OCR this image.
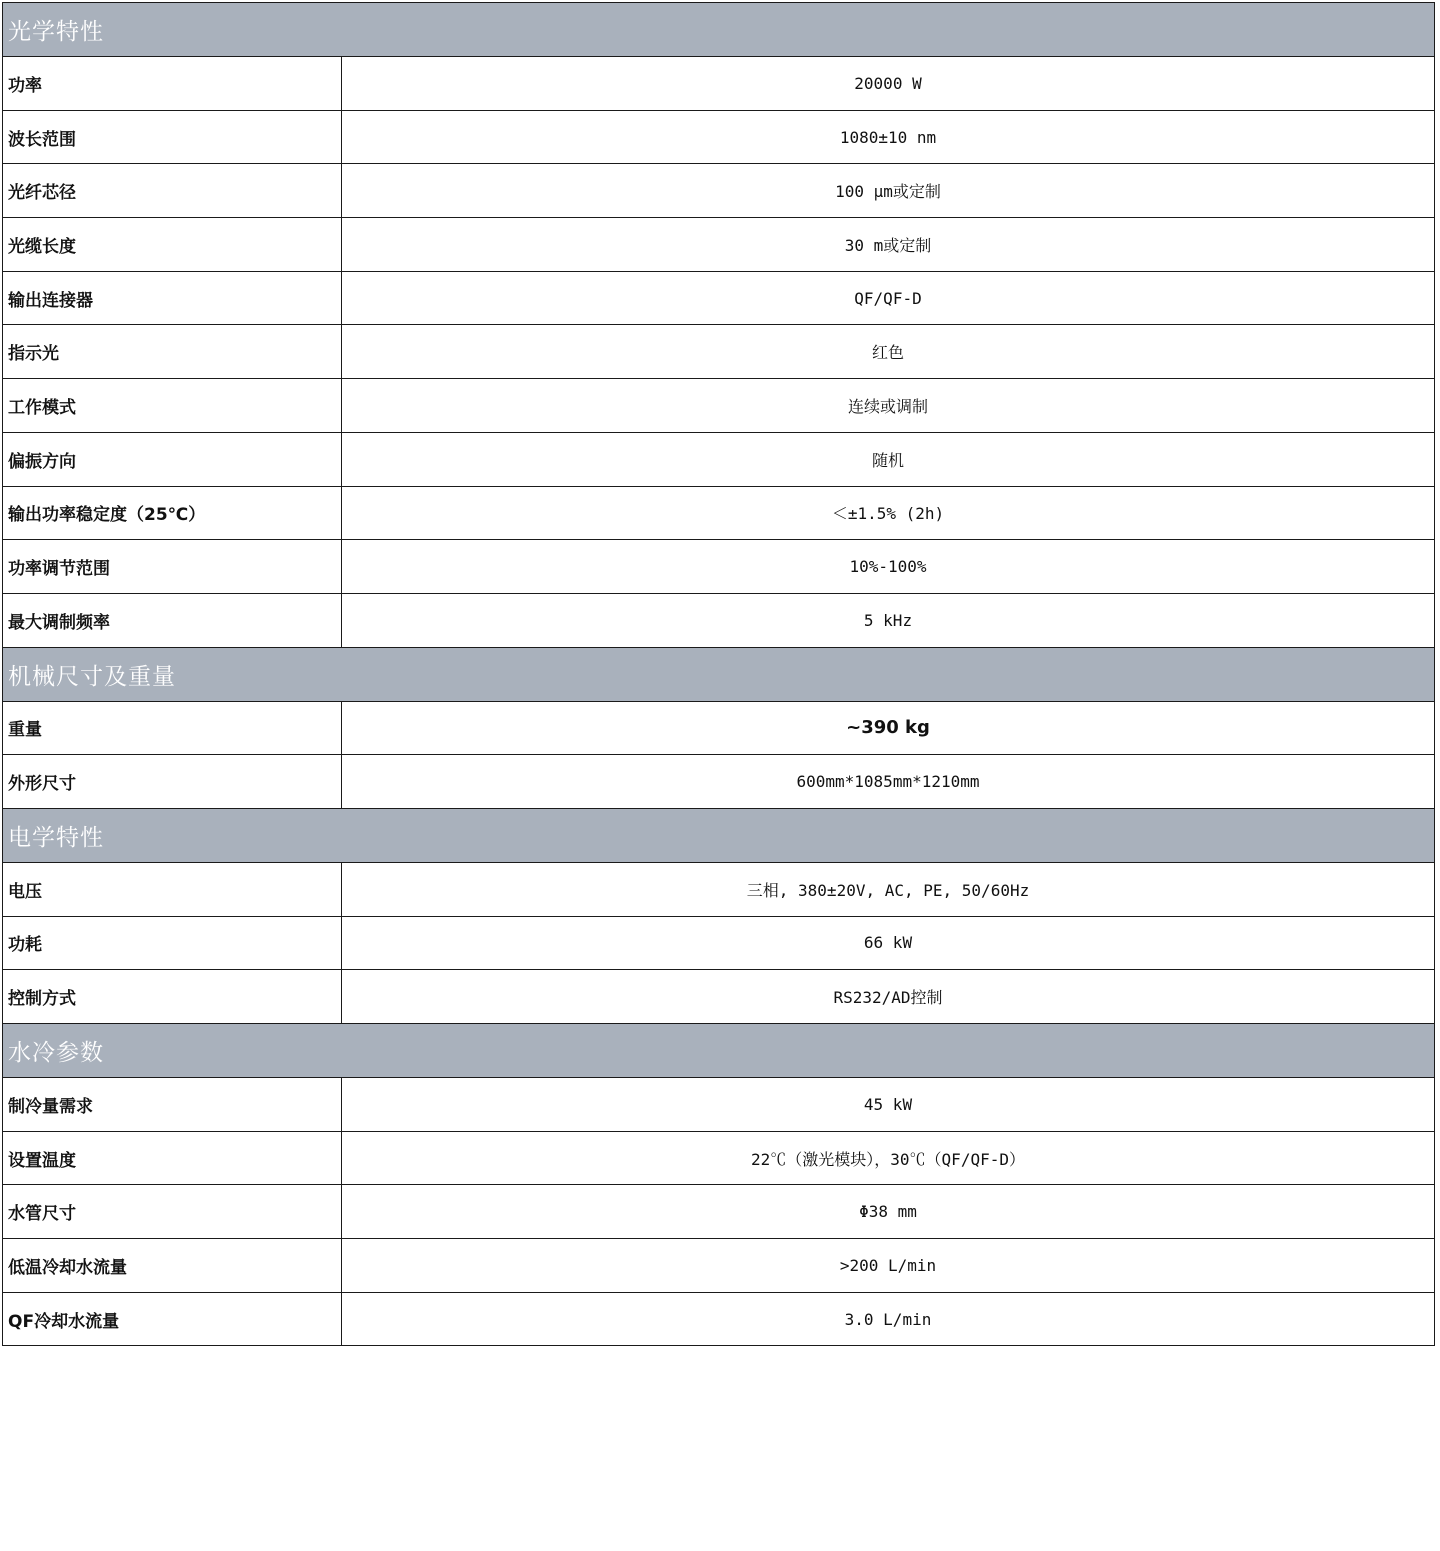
光学特性
功率	20000 W
波长范围	1080±10 nm
光纤芯径	100 μm或定制
光缆长度	30 m或定制
输出连接器	QF/QF-D
指示光	红色
工作模式	连续或调制
偏振方向	随机
输出功率稳定度（25℃）	＜±1.5% (2h)
功率调节范围	10%-100%
最大调制频率	5 kHz
机械尺寸及重量
重量	~390 kg
外形尺寸	600mm*1085mm*1210mm
电学特性
电压	三相, 380±20V, AC, PE, 50/60Hz
功耗	66 kW
控制方式	RS232/AD控制
水冷参数
制冷量需求	45 kW
设置温度	22℃（激光模块），30℃（QF/QF-D）
水管尺寸	Φ38 mm
低温冷却水流量	>200 L/min
QF冷却水流量	3.0 L/min
